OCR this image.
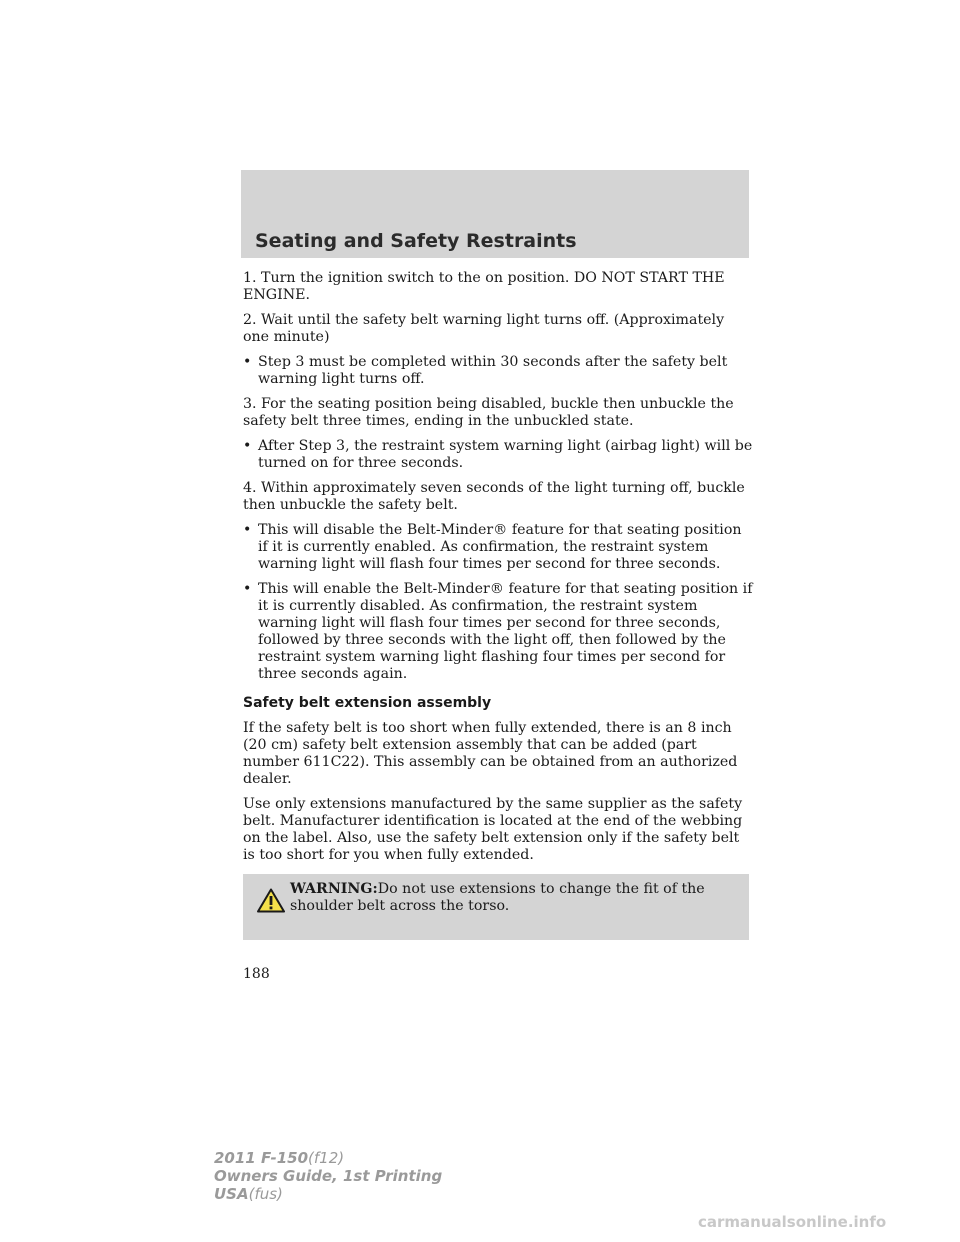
Seating and Safety Restraints

1. Turn the ignition switch to the on position. DO NOT START THE ENGINE.

2. Wait until the safety belt warning light turns off. (Approximately one minute)

• Step 3 must be completed within 30 seconds after the safety belt warning light turns off.

3. For the seating position being disabled, buckle then unbuckle the safety belt three times, ending in the unbuckled state.

• After Step 3, the restraint system warning light (airbag light) will be turned on for three seconds.

4. Within approximately seven seconds of the light turning off, buckle then unbuckle the safety belt.

• This will disable the Belt-Minder® feature for that seating position if it is currently enabled. As confirmation, the restraint system warning light will flash four times per second for three seconds.
• This will enable the Belt-Minder® feature for that seating position if it is currently disabled. As confirmation, the restraint system warning light will flash four times per second for three seconds, followed by three seconds with the light off, then followed by the restraint system warning light flashing four times per second for three seconds again.
Safety belt extension assembly

If the safety belt is too short when fully extended, there is an 8 inch (20 cm) safety belt extension assembly that can be added (part number 611C22). This assembly can be obtained from an authorized dealer.

Use only extensions manufactured by the same supplier as the safety belt. Manufacturer identification is located at the end of the webbing on the label. Also, use the safety belt extension only if the safety belt is too short for you when fully extended.

WARNING:Do not use extensions to change the fit of the shoulder belt across the torso.
188
2011 F-150(f12)
Owners Guide, 1st Printing
USA(fus)
carmanualsonline.info
